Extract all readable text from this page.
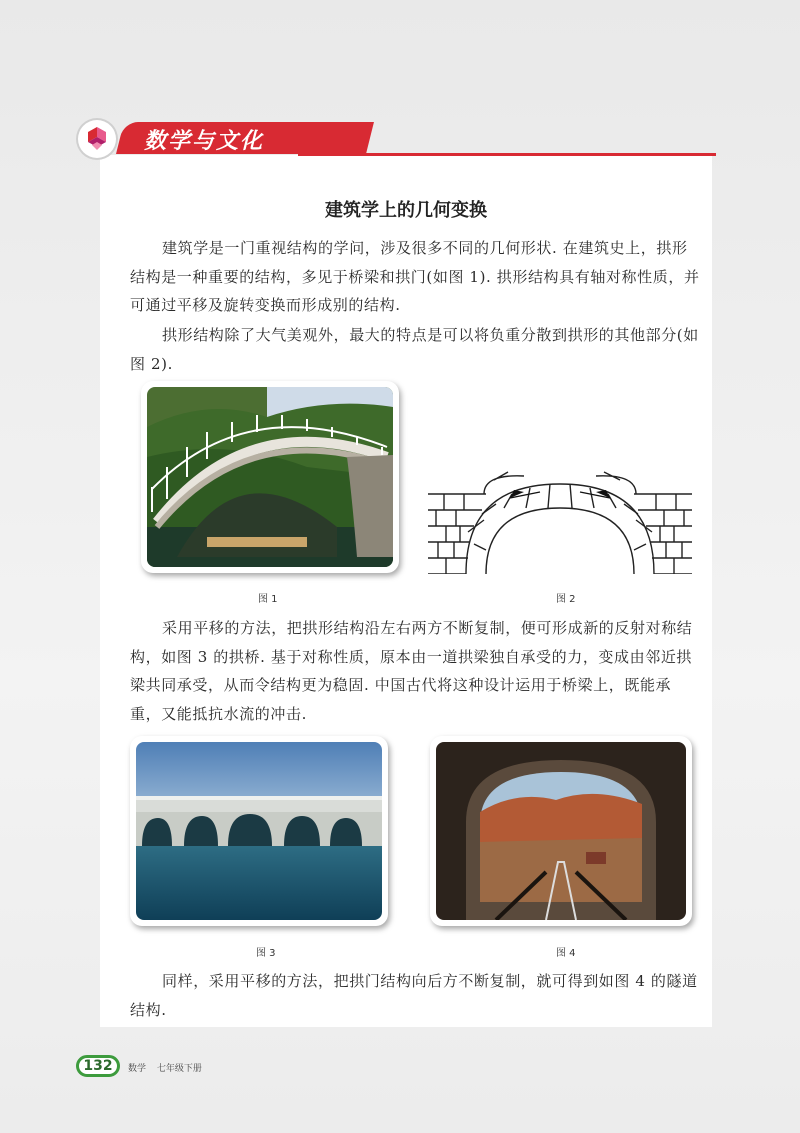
数学与文化
建筑学上的几何变换

建筑学是一门重视结构的学问，涉及很多不同的几何形状. 在建筑史上，拱形结构是一种重要的结构，多见于桥梁和拱门(如图 1). 拱形结构具有轴对称性质，并可通过平移及旋转变换而形成别的结构.

拱形结构除了大气美观外，最大的特点是可以将负重分散到拱形的其他部分(如图 2).

图 1	图 2

采用平移的方法，把拱形结构沿左右两方不断复制，便可形成新的反射对称结构，如图 3 的拱桥. 基于对称性质，原本由一道拱梁独自承受的力，变成由邻近拱梁共同承受，从而令结构更为稳固. 中国古代将这种设计运用于桥梁上，既能承重，又能抵抗水流的冲击.

图 3	图 4

同样，采用平移的方法，把拱门结构向后方不断复制，就可得到如图 4 的隧道结构.

132	数学 七年级下册
